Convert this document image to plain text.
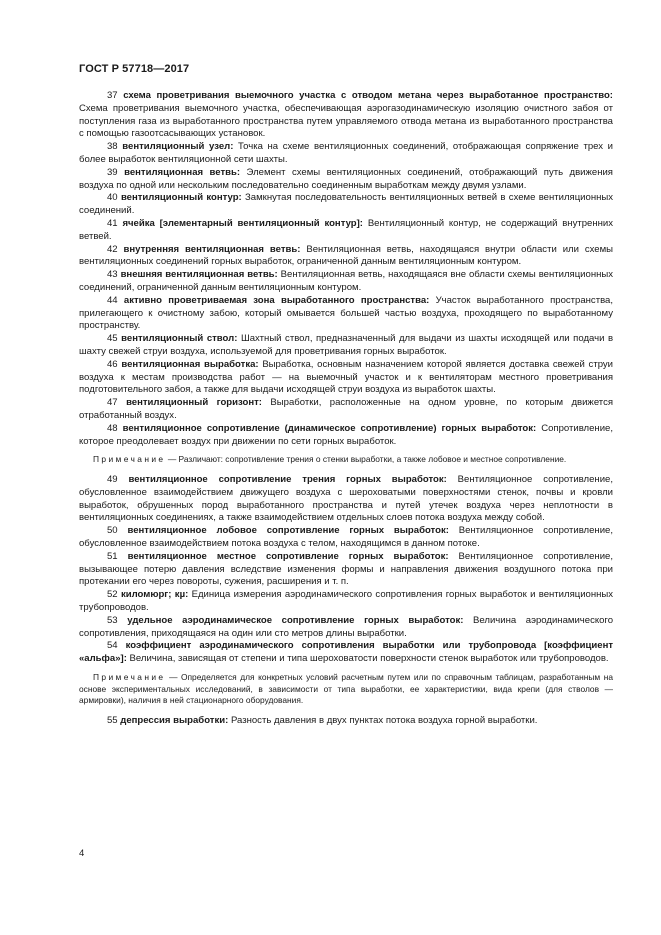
ГОСТ Р 57718—2017

37 схема проветривания выемочного участка с отводом метана через выработанное пространство: Схема проветривания выемочного участка, обеспечивающая аэрогазодинамическую изоляцию очистного забоя от поступления газа из выработанного пространства путем управляемого отвода метана из выработанного пространства с помощью газоотсасывающих установок.

38 вентиляционный узел: Точка на схеме вентиляционных соединений, отображающая сопряжение трех и более выработок вентиляционной сети шахты.

39 вентиляционная ветвь: Элемент схемы вентиляционных соединений, отображающий путь движения воздуха по одной или нескольким последовательно соединенным выработкам между двумя узлами.

40 вентиляционный контур: Замкнутая последовательность вентиляционных ветвей в схеме вентиляционных соединений.

41 ячейка [элементарный вентиляционный контур]: Вентиляционный контур, не содержащий внутренних ветвей.

42 внутренняя вентиляционная ветвь: Вентиляционная ветвь, находящаяся внутри области или схемы вентиляционных соединений горных выработок, ограниченной данным вентиляционным контуром.

43 внешняя вентиляционная ветвь: Вентиляционная ветвь, находящаяся вне области схемы вентиляционных соединений, ограниченной данным вентиляционным контуром.

44 активно проветриваемая зона выработанного пространства: Участок выработанного пространства, прилегающего к очистному забою, который омывается большей частью воздуха, проходящего по выработанному пространству.

45 вентиляционный ствол: Шахтный ствол, предназначенный для выдачи из шахты исходящей или подачи в шахту свежей струи воздуха, используемой для проветривания горных выработок.

46 вентиляционная выработка: Выработка, основным назначением которой является доставка свежей струи воздуха к местам производства работ — на выемочный участок и к вентиляторам местного проветривания подготовительного забоя, а также для выдачи исходящей струи воздуха из выработок шахты.

47 вентиляционный горизонт: Выработки, расположенные на одном уровне, по которым движется отработанный воздух.

48 вентиляционное сопротивление (динамическое сопротивление) горных выработок: Сопротивление, которое преодолевает воздух при движении по сети горных выработок.

Примечание — Различают: сопротивление трения о стенки выработки, а также лобовое и местное сопротивление.

49 вентиляционное сопротивление трения горных выработок: Вентиляционное сопротивление, обусловленное взаимодействием движущего воздуха с шероховатыми поверхностями стенок, почвы и кровли выработок, обрушенных пород выработанного пространства и путей утечек воздуха через неплотности в вентиляционных соединениях, а также взаимодействием отдельных слоев потока воздуха между собой.

50 вентиляционное лобовое сопротивление горных выработок: Вентиляционное сопротивление, обусловленное взаимодействием потока воздуха с телом, находящимся в данном потоке.

51 вентиляционное местное сопротивление горных выработок: Вентиляционное сопротивление, вызывающее потерю давления вследствие изменения формы и направления движения воздушного потока при протекании его через повороты, сужения, расширения и т. п.

52 киломюрг; кµ: Единица измерения аэродинамического сопротивления горных выработок и вентиляционных трубопроводов.

53 удельное аэродинамическое сопротивление горных выработок: Величина аэродинамического сопротивления, приходящаяся на один или сто метров длины выработки.

54 коэффициент аэродинамического сопротивления выработки или трубопровода [коэффициент «альфа»]: Величина, зависящая от степени и типа шероховатости поверхности стенок выработок или трубопроводов.

Примечание — Определяется для конкретных условий расчетным путем или по справочным таблицам, разработанным на основе экспериментальных исследований, в зависимости от типа выработки, ее характеристики, вида крепи (для стволов — армировки), наличия в ней стационарного оборудования.

55 депрессия выработки: Разность давления в двух пунктах потока воздуха горной выработки.

4
